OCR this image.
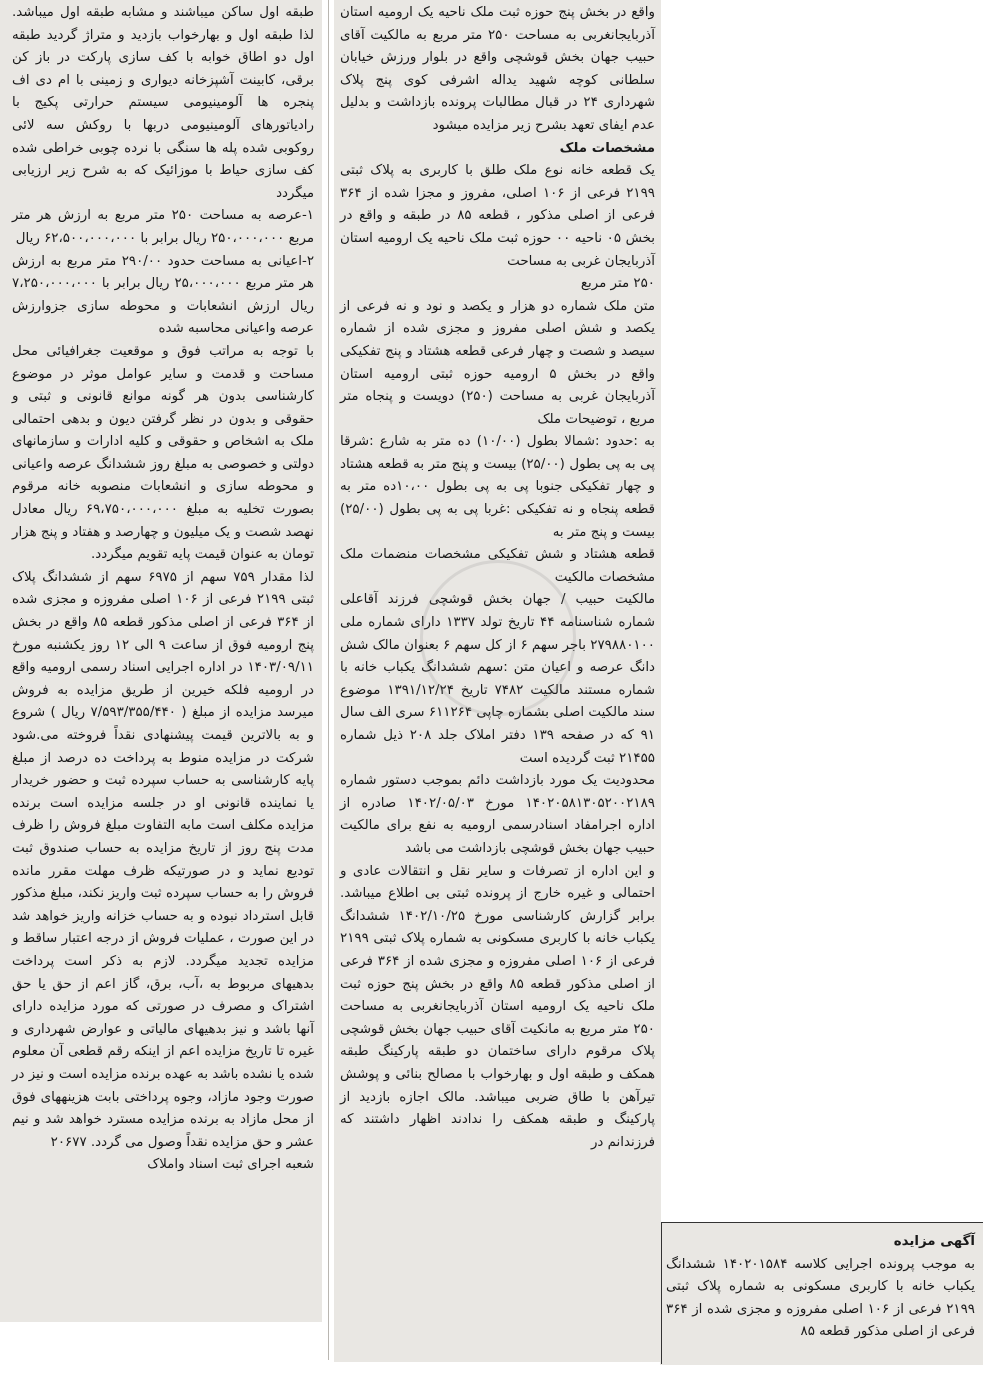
طبقه اول ساکن میباشند و مشابه طبقه اول میباشد. لذا طبقه اول و بهارخواب بازدید و متراژ گردید طبقه اول دو اطاق خوابه با کف سازی پارکت در باز کن برقی، کابینت آشپزخانه دیواری و زمینی با ام دی اف پنجره ها آلومینیومی سیستم حرارتی پکیج با رادیاتورهای آلومینیومی دربها با روکش سه لائی روکوبی شده پله ها سنگی با نرده چوبی خراطی شده کف سازی حیاط با موزائیک که به شرح زیر ارزیابی میگردد

۱-عرصه به مساحت ۲۵۰ متر مربع به ارزش هر متر مربع ۲۵۰،۰۰۰،۰۰۰ ریال برابر با ۶۲،۵۰۰،۰۰۰،۰۰۰ ریال

۲-اعیانی به مساحت حدود ۲۹۰/۰۰ متر مربع به ارزش هر متر مربع ۲۵،۰۰۰،۰۰۰ ریال برابر با ۷،۲۵۰،۰۰۰،۰۰۰ ریال ارزش انشعابات و محوطه سازی جزوارزش عرصه واعیانی محاسبه شده

با توجه به مراتب فوق و موقعیت جغرافیائی محل مساحت و قدمت و سایر عوامل موثر در موضوع کارشناسی بدون هر گونه موانع قانونی و ثبتی و حقوقی و بدون در نظر گرفتن دیون و بدهی احتمالی ملک به اشخاص و حقوقی و کلیه ادارات و سازمانهای دولتی و خصوصی به مبلغ روز ششدانگ عرصه واعیانی و محوطه سازی و انشعابات منصوبه خانه مرقوم بصورت تخلیه به مبلغ ۶۹،۷۵۰،۰۰۰،۰۰۰ ریال معادل نهصد شصت و یک میلیون و چهارصد و هفتاد و پنج هزار تومان به عنوان قیمت پایه تقویم میگردد.

لذا مقدار ۷۵۹ سهم از ۶۹۷۵ سهم از ششدانگ پلاک ثبتی ۲۱۹۹ فرعی از ۱۰۶ اصلی مفروزه و مجزی شده از ۳۶۴ فرعی از اصلی مذکور قطعه ۸۵ واقع در بخش پنج ارومیه فوق از ساعت ۹ الی ۱۲ روز یکشنبه مورخ ۱۴۰۳/۰۹/۱۱ در اداره اجرایی اسناد رسمی ارومیه واقع در ارومیه فلکه خیرین از طریق مزایده به فروش میرسد مزایده از مبلغ ( ۷/۵۹۳/۳۵۵/۴۴۰ ریال ) شروع و به بالاترین قیمت پیشنهادی نقداً فروخته می.شود شرکت در مزایده منوط به پرداخت ده درصد از مبلغ پایه کارشناسی به حساب سپرده ثبت و حضور خریدار یا نماینده قانونی او در جلسه مزایده است برنده مزایده مکلف است مابه التفاوت مبلغ فروش را ظرف مدت پنج روز از تاریخ مزایده به حساب صندوق ثبت تودیع نماید و در صورتیکه ظرف مهلت مقرر مانده فروش را به حساب سپرده ثبت واریز نکند، مبلغ مذکور قابل استرداد نبوده و به حساب خزانه واریز خواهد شد در این صورت ، عملیات فروش از درجه اعتبار ساقط و مزایده تجدید میگردد. لازم به ذکر است پرداخت بدهیهای مربوط به ،آب، برق، گاز اعم از حق یا حق اشتراک و مصرف در صورتی که مورد مزایده دارای آنها باشد و نیز بدهیهای مالیاتی و عوارض شهرداری و غیره تا تاریخ مزایده اعم از اینکه رقم قطعی آن معلوم شده یا نشده باشد به عهده برنده مزایده است و نیز در صورت وجود مازاد، وجوه پرداختی بابت هزینههای فوق از محل مازاد به برنده مزایده مسترد خواهد شد و نیم عشر و حق مزایده نقداً وصول می گردد. ۲۰۶۷۷

شعبه اجرای ثبت اسناد واملاک

واقع در بخش پنج حوزه ثبت ملک ناحیه یک ارومیه استان آذربایجانغربی به مساحت ۲۵۰ متر مربع به مالکیت آقای حبیب جهان بخش قوشچی واقع در بلوار ورزش خیابان سلطانی کوچه شهید یداله اشرفی کوی پنج پلاک شهرداری ۲۴ در قبال مطالبات پرونده بازداشت و بدلیل عدم ایفای تعهد بشرح زیر مزایده میشود

مشخصات ملک

یک قطعه خانه نوع ملک طلق با کاربری به پلاک ثبتی ۲۱۹۹ فرعی از ۱۰۶ اصلی، مفروز و مجزا شده از ۳۶۴ فرعی از اصلی مذکور ، قطعه ۸۵ در طبقه و واقع در بخش ۰۵ ناحیه ۰۰ حوزه ثبت ملک ناحیه یک ارومیه استان آذربایجان غربی به مساحت

۲۵۰ متر مربع

متن ملک شماره دو هزار و یکصد و نود و نه فرعی از یکصد و شش اصلی مفروز و مجزی شده از شماره سیصد و شصت و چهار فرعی قطعه هشتاد و پنج تفکیکی واقع در بخش ۵ ارومیه حوزه ثبتی ارومیه استان آذربایجان غربی به مساحت (۲۵۰) دویست و پنجاه متر مربع ، توضیحات ملک

به :حدود :شمالا بطول (۱۰/۰۰) ده متر به شارع :شرقا پی به پی بطول (۲۵/۰۰) بیست و پنج متر به قطعه هشتاد و چهار تفکیکی جنوبا پی به پی بطول ۱۰،۰۰ده متر به قطعه پنجاه و نه تفکیکی :غربا پی به پی بطول (۲۵/۰۰) بیست و پنج متر به

قطعه هشتاد و شش تفکیکی مشخصات منضمات ملک مشخصات مالکیت

مالکیت حبیب / جهان بخش قوشچی فرزند آقاعلی شماره شناسنامه ۴۴ تاریخ تولد ۱۳۳۷ دارای شماره ملی ۲۷۹۸۸۰۱۰۰ باجر سهم ۶ از کل سهم ۶ بعنوان مالک شش دانگ عرصه و اعیان متن :سهم ششدانگ یکباب خانه با شماره مستند مالکیت ۷۴۸۲ تاریخ ۱۳۹۱/۱۲/۲۴ موضوع سند مالکیت اصلی بشماره چاپی ۶۱۱۲۶۴ سری الف سال ۹۱ که در صفحه ۱۳۹ دفتر املاک جلد ۲۰۸ ذیل شماره ۲۱۴۵۵ ثبت گردیده است

محدودیت یک مورد بازداشت دائم بموجب دستور شماره ۱۴۰۲۰۵۸۱۳۰۵۲۰۰۲۱۸۹ مورخ ۱۴۰۲/۰۵/۰۳ صادره از اداره اجرامفاد اسنادرسمی ارومیه به نفع برای مالکیت حبیب جهان بخش قوشچی بازداشت می باشد

و این اداره از تصرفات و سایر نقل و انتقالات عادی و احتمالی و غیره خارج از پرونده ثبتی بی اطلاع میباشد. برابر گزارش کارشناسی مورخ ۱۴۰۲/۱۰/۲۵ ششدانگ یکباب خانه با کاربری مسکونی به شماره پلاک ثبتی ۲۱۹۹ فرعی از ۱۰۶ اصلی مفروزه و مجزی شده از ۳۶۴ فرعی از اصلی مذکور قطعه ۸۵ واقع در بخش پنج حوزه ثبت ملک ناحیه یک ارومیه استان آذربایجانغربی به مساحت ۲۵۰ متر مربع به مانکیت آقای حبیب جهان بخش قوشچی پلاک مرقوم دارای ساختمان دو طبقه پارکینگ طبقه همکف و طبقه اول و بهارخواب با مصالح بنائی و پوشش تیرآهن با طاق ضربی میباشد. مالک اجازه بازدید از پارکینگ و طبقه همکف را ندادند اظهار داشتند که فرزندانم در

آگهی مزایده

به موجب پرونده اجرایی کلاسه ۱۴۰۲۰۱۵۸۴ ششدانگ یکباب خانه با کاربری مسکونی به شماره پلاک ثبتی ۲۱۹۹ فرعی از ۱۰۶ اصلی مفروزه و مجزی شده از ۳۶۴ فرعی از اصلی مذکور قطعه ۸۵
